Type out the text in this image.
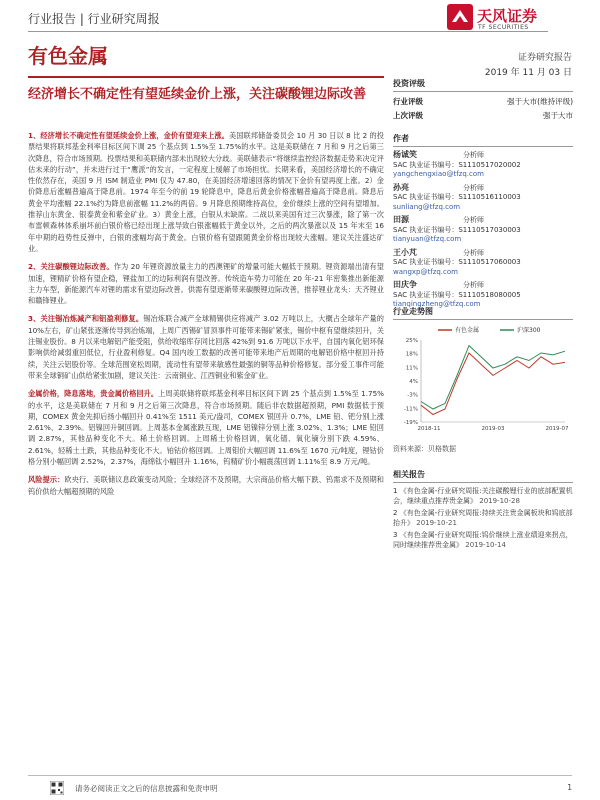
行业报告 | 行业研究周报	天风证券
TF SECURITIES
有色金属	证券研究报告
2019 年 11 月 03 日
经济增长不确定性有望延续金价上涨，关注碳酸锂边际改善

1、经济增长不确定性有望延续金价上涨，金价有望迎来上涨。美国联邦储备委员会 10 月 30 日以 8 比 2 的投票结果将联邦基金利率目标区间下调 25 个基点到 1.5%至 1.75%的水平。这是美联储在 7 月和 9 月之后第三次降息，符合市场预期。投票结果和美联储内部未出现较大分歧。美联储表示“将继续监控经济数据走势来决定评估未来的行动”，并未进行过于“鹰派”的发言，一定程度上缓解了市场担忧。长期来看，美国经济增长的不确定性依然存在，美国 9 月 ISM 制造业 PMI 仅为 47.80，在美国经济增速回落的情况下金价有望再度上涨。2）金价降息后涨幅普遍高于降息前。1974 年至今的前 19 轮降息中，降息后黄金价格涨幅普遍高于降息前。降息后黄金平均涨幅 22.1%约为降息前涨幅 11.2%的两倍。9 月降息预期维持高位，金价继续上涨的空间有望增加。推荐山东黄金、银泰黄金和紫金矿业。3）黄金上涨，白银从未缺席。二战以来美国有过三次暴涨，除了第一次布雷顿森林体系崩坏前白银价格已经出现上涨导致白银涨幅低于黄金以外，之后的两次暴涨以及 15 年末至 16 年中期的趋势性反弹中，白银的涨幅均高于黄金。白银价格有望跟随黄金价格出现较大涨幅。建议关注盛达矿业。

2、关注碳酸锂边际改善。作为 20 年锂资源放量主力的西澳锂矿的增量可能大幅低于预期。锂资源端出清有望加速，锂精矿价格有望企稳，锂盐加工的边际利润有望改善。传统造车势力可能在 20 年-21 年密集推出新能源主力车型，新能源汽车对锂的需求有望边际改善。供需有望逐渐带来碳酸锂边际改善，推荐锂业龙头：天齐锂业和赣锋锂业。

3、关注锡冶炼减产和铝盈利修复。锡冶炼联合减产全球精锡供应将减产 3.02 万吨以上，大概占全球年产量的 10%左右，矿山紧张逐渐传导到冶炼端，上周广西锡矿冒顶事件可能带来锡矿紧张，锡价中枢有望继续回升，关注锡业股份。8 月以来电解铝产能受阻，供给收缩库存同比回落 42%到 91.6 万吨以下水平，自国内氧化铝环保影响供给减弱重回低位，行业盈利修复。Q4 国内竣工数据的改善可能带来地产后周期的电解铝价格中枢回升持续，关注云铝股份等。全球范围宽松周期，流动性有望带来敏感性最强的铜等品种价格修复。部分爱工事件可能带来全球铜矿山供给紧张加剧，建议关注：云南铜业、江西铜业和紫金矿业。

金属价格，降息落地，贵金属价格回升。上周美联储将联邦基金利率目标区间下调 25 个基点到 1.5%至 1.75%的水平，这是美联储在 7 月和 9 月之后第三次降息，符合市场预期。随后非农数据超预期，PMI 数据低于预期，COMEX 黄金先抑后扬小幅回升 0.41%至 1511 美元/盎司，COMEX 银回升 0.7%，LME 铅、钯分别上涨 2.61%、2.39%。铝镍回升铜回调。上周基本金属涨跌互现，LME 铝镍锌分别上涨 3.02%、1.3%；LME 铅回调 2.87%，其他品种变化不大。稀土价格回调。上周稀土价格回调，氧化镨、氧化镝分别下跌 4.59%、2.61%，轻稀土土跌，其他品种变化不大。铂钴价格回调。上周钼价大幅回调 11.6%至 1670 元/吨度，锂钴价格分别小幅回调 2.52%，2.37%，海绵钛小幅回升 1.16%，钨精矿价小幅震荡回调 1.11%至 8.9 万元/吨。

风险提示：欧央行、美联储议息政策变动风险；全球经济不及预期，大宗商品价格大幅下跌、钨需求不及预期和钨价供给大幅超预期的风险

投资评级
行业评级	强于大市(维持评级)
上次评级	强于大市
作者
杨诚笑	分析师
SAC 执业证书编号：S1110517020002
yangchengxiao@tfzq.com
孙亮	分析师
SAC 执业证书编号：S1110516110003
sunliang@tfzq.com
田源	分析师
SAC 执业证书编号：S1110517030003
tianyuan@tfzq.com
王小芃	分析师
SAC 执业证书编号：S1110517060003
wangxp@tfzq.com
田庆争	分析师
SAC 执业证书编号：S1110518080005
tianqingzheng@tfzq.com
行业走势图
25%
18%
11%
4%
-3%
-11%
-19%
2018-11	2019-03	2019-07
有色金属	沪深300
资料来源：贝格数据
相关报告
1 《有色金属-行业研究周报:关注碳酸锂行业的底部配置机会，继续重点推荐贵金属》 2019-10-28
2 《有色金属-行业研究周报:持续关注贵金属板块和钨底部抬升》 2019-10-21
3 《有色金属-行业研究周报:钨价继续上涨业绩迎来拐点，同时继续推荐贵金属》 2019-10-14
请务必阅读正文之后的信息披露和免责申明	1
